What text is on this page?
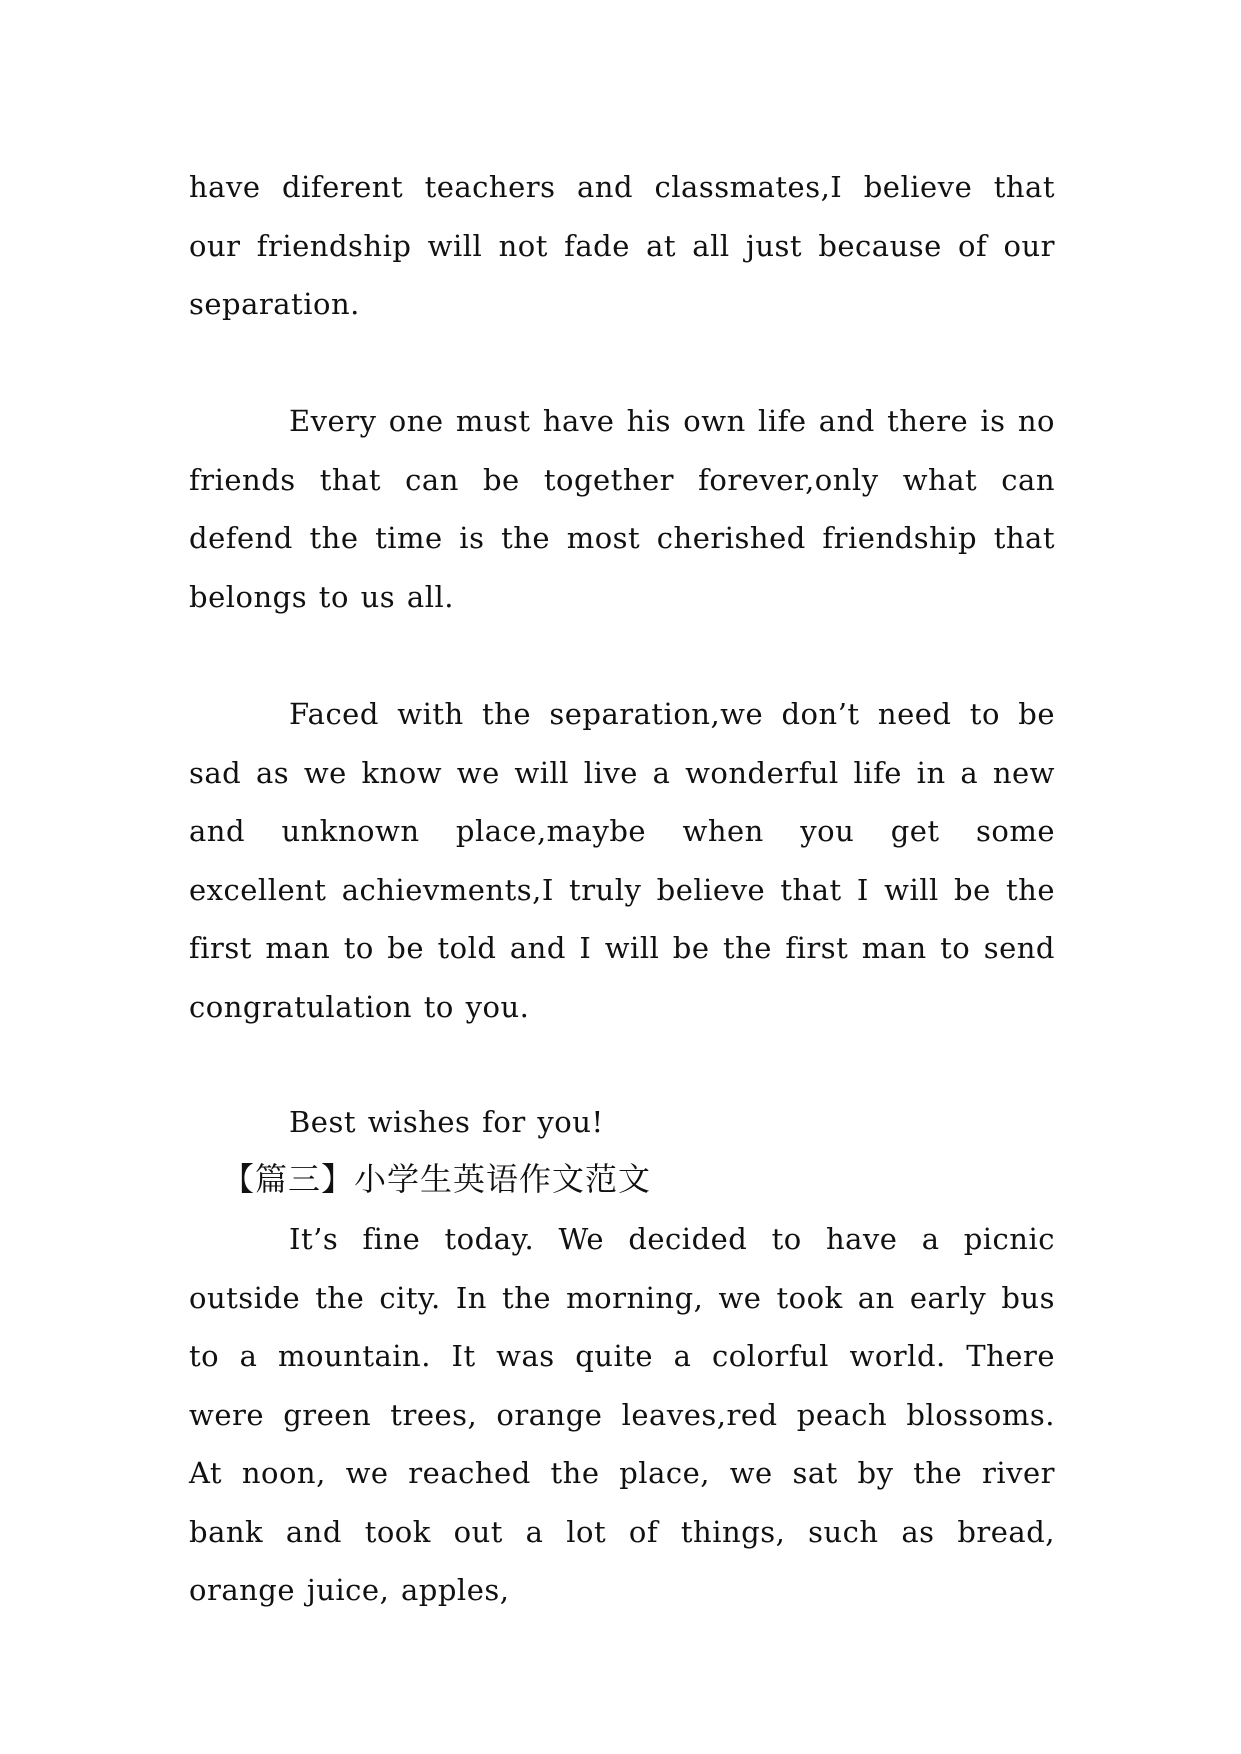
have diferent teachers and classmates,I believe that our friendship will not fade at all just because of our separation.

Every one must have his own life and there is no friends that can be together forever,only what can defend the time is the most cherished friendship that belongs to us all.

Faced with the separation,we don’t need to be sad as we know we will live a wonderful life in a new and unknown place,maybe when you get some excellent achievments,I truly believe that I will be the first man to be told and I will be the first man to send congratulation to you.

Best wishes for you!

【篇三】小学生英语作文范文

It’s fine today. We decided to have a picnic outside the city. In the morning, we took an early bus to a mountain. It was quite a colorful world. There were green trees, orange leaves,red peach blossoms. At noon, we reached the place, we sat by the river bank and took out a lot of things, such as bread, orange juice, apples,
